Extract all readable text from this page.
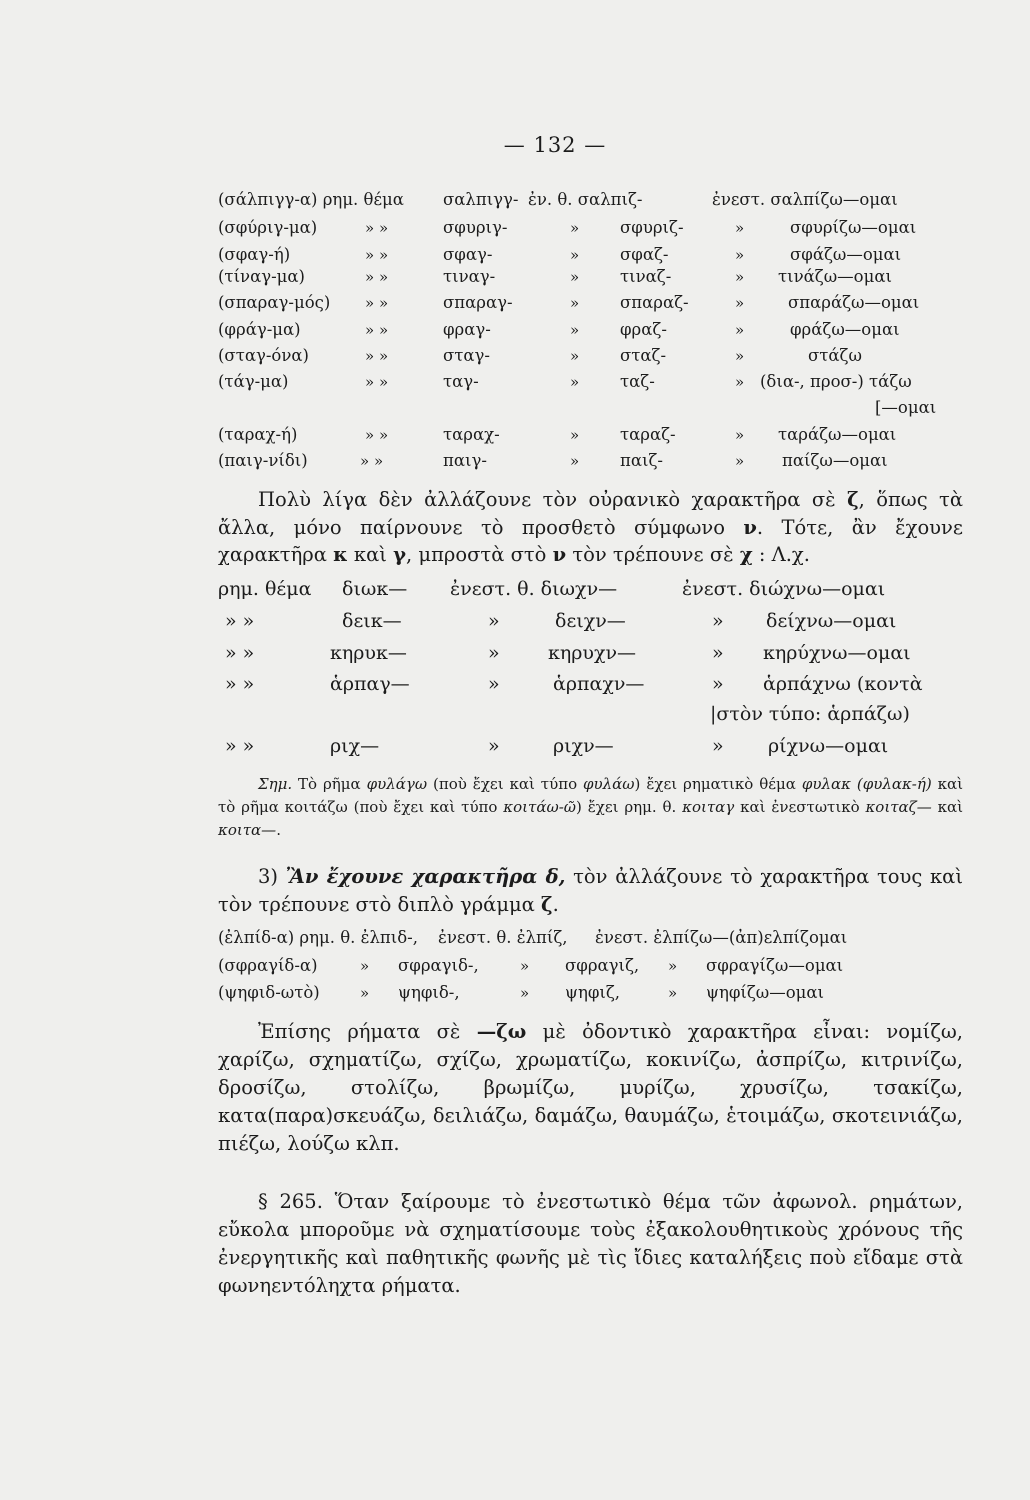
— 132 —
(σάλπιγγ-α) ρημ. θέμα σαλπιγγ- ἐν. θ. σαλπιζ-	ἐνεστ. σαλπίζω—ομαι
(σφύριγ-μα)	» »	σφυριγ-	» σφυριζ-	»	σφυρίζω—ομαι
(σφαγ-ή)	» »	σφαγ-	» σφαζ-	»	σφάζω—ομαι
(τίναγ-μα)	» »	τιναγ-	» τιναζ-	» τινάζω—ομαι
(σπαραγ-μός) » »	σπαραγ-	» σπαραζ-	»	σπαράζω—ομαι
(φράγ-μα)	» »	φραγ-	» φραζ-	»	φράζω—ομαι
(σταγ-όνα)	» »	σταγ-	» σταζ-	»	στάζω
(τάγ-μα)	» »	ταγ-	» ταζ-	» (δια-, προσ-) τάζω
[—ομαι
(ταραχ-ή)	» »	ταραχ-	» ταραζ-	» ταράζω—ομαι
(παιγ-νίδι)	» »	παιγ-	» παιζ-	» παίζω—ομαι

Πολὺ λίγα δὲν ἀλλάζουνε τὸν οὐρανικὸ χαρακτῆρα σὲ ζ, ὅπως τὰ ἄλλα, μόνο παίρνουνε τὸ προσθετὸ σύμφωνο ν. Τότε, ἂν ἔχουνε χαρακτῆρα κ καὶ γ, μπροστὰ στὸ ν τὸν τρέπουνε σὲ χ : Λ.χ.

ρημ. θέμα διωκ— ἐνεστ. θ. διωχν—	ἐνεστ. διώχνω—ομαι
» »	δεικ—	»	δειχν—	» δείχνω—ομαι
» »	κηρυκ—	»	κηρυχν—	» κηρύχνω—ομαι
» »	ἁρπαγ—	»	ἁρπαχν—	» ἁρπάχνω (κοντὰ
|στὸν τύπο: ἁρπάζω)
» »	ριχ—	»	ριχν—	» ρίχνω—ομαι

Σημ. Τὸ ρῆμα φυλάγω (ποὺ ἔχει καὶ τύπο φυλάω) ἔχει ρηματικὸ θέμα φυλακ (φυλακ-ή) καὶ τὸ ρῆμα κοιτάζω (ποὺ ἔχει καὶ τύπο κοιτάω-ῶ) ἔχει ρημ. θ. κοιταγ καὶ ἐνεστωτικὸ κοιταζ— καὶ κοιτα—.

3) Ἂν ἔχουνε χαρακτῆρα δ, τὸν ἀλλάζουνε τὸ χαρακτῆρα τους καὶ τὸν τρέπουνε στὸ διπλὸ γράμμα ζ.

(ἐλπίδ-α) ρημ. θ. ἐλπιδ-, ἐνεστ. θ. ἐλπίζ, ἐνεστ. ἐλπίζω—(ἀπ)ελπίζομαι
(σφραγίδ-α)	» σφραγιδ-,	» σφραγιζ, » σφραγίζω—ομαι
(ψηφιδ-ωτὸ)	» ψηφιδ-,	» ψηφιζ,	» ψηφίζω—ομαι

Ἐπίσης ρήματα σὲ —ζω μὲ ὀδοντικὸ χαρακτῆρα εἶναι: νομίζω, χαρίζω, σχηματίζω, σχίζω, χρωματίζω, κοκινίζω, ἀσπρίζω, κιτρινίζω, δροσίζω, στολίζω, βρωμίζω, μυρίζω, χρυσίζω, τσακίζω, κατα(παρα)σκευάζω, δειλιάζω, δαμάζω, θαυμάζω, ἑτοιμάζω, σκοτεινιάζω, πιέζω, λούζω κλπ.

§ 265. Ὅταν ξαίρουμε τὸ ἐνεστωτικὸ θέμα τῶν ἀφωνολ. ρημάτων, εὔκολα μποροῦμε νὰ σχηματίσουμε τοὺς ἐξακολουθητικοὺς χρόνους τῆς ἐνεργητικῆς καὶ παθητικῆς φωνῆς μὲ τὶς ἴδιες καταλήξεις ποὺ εἴδαμε στὰ φωνηεντόληχτα ρήματα.
